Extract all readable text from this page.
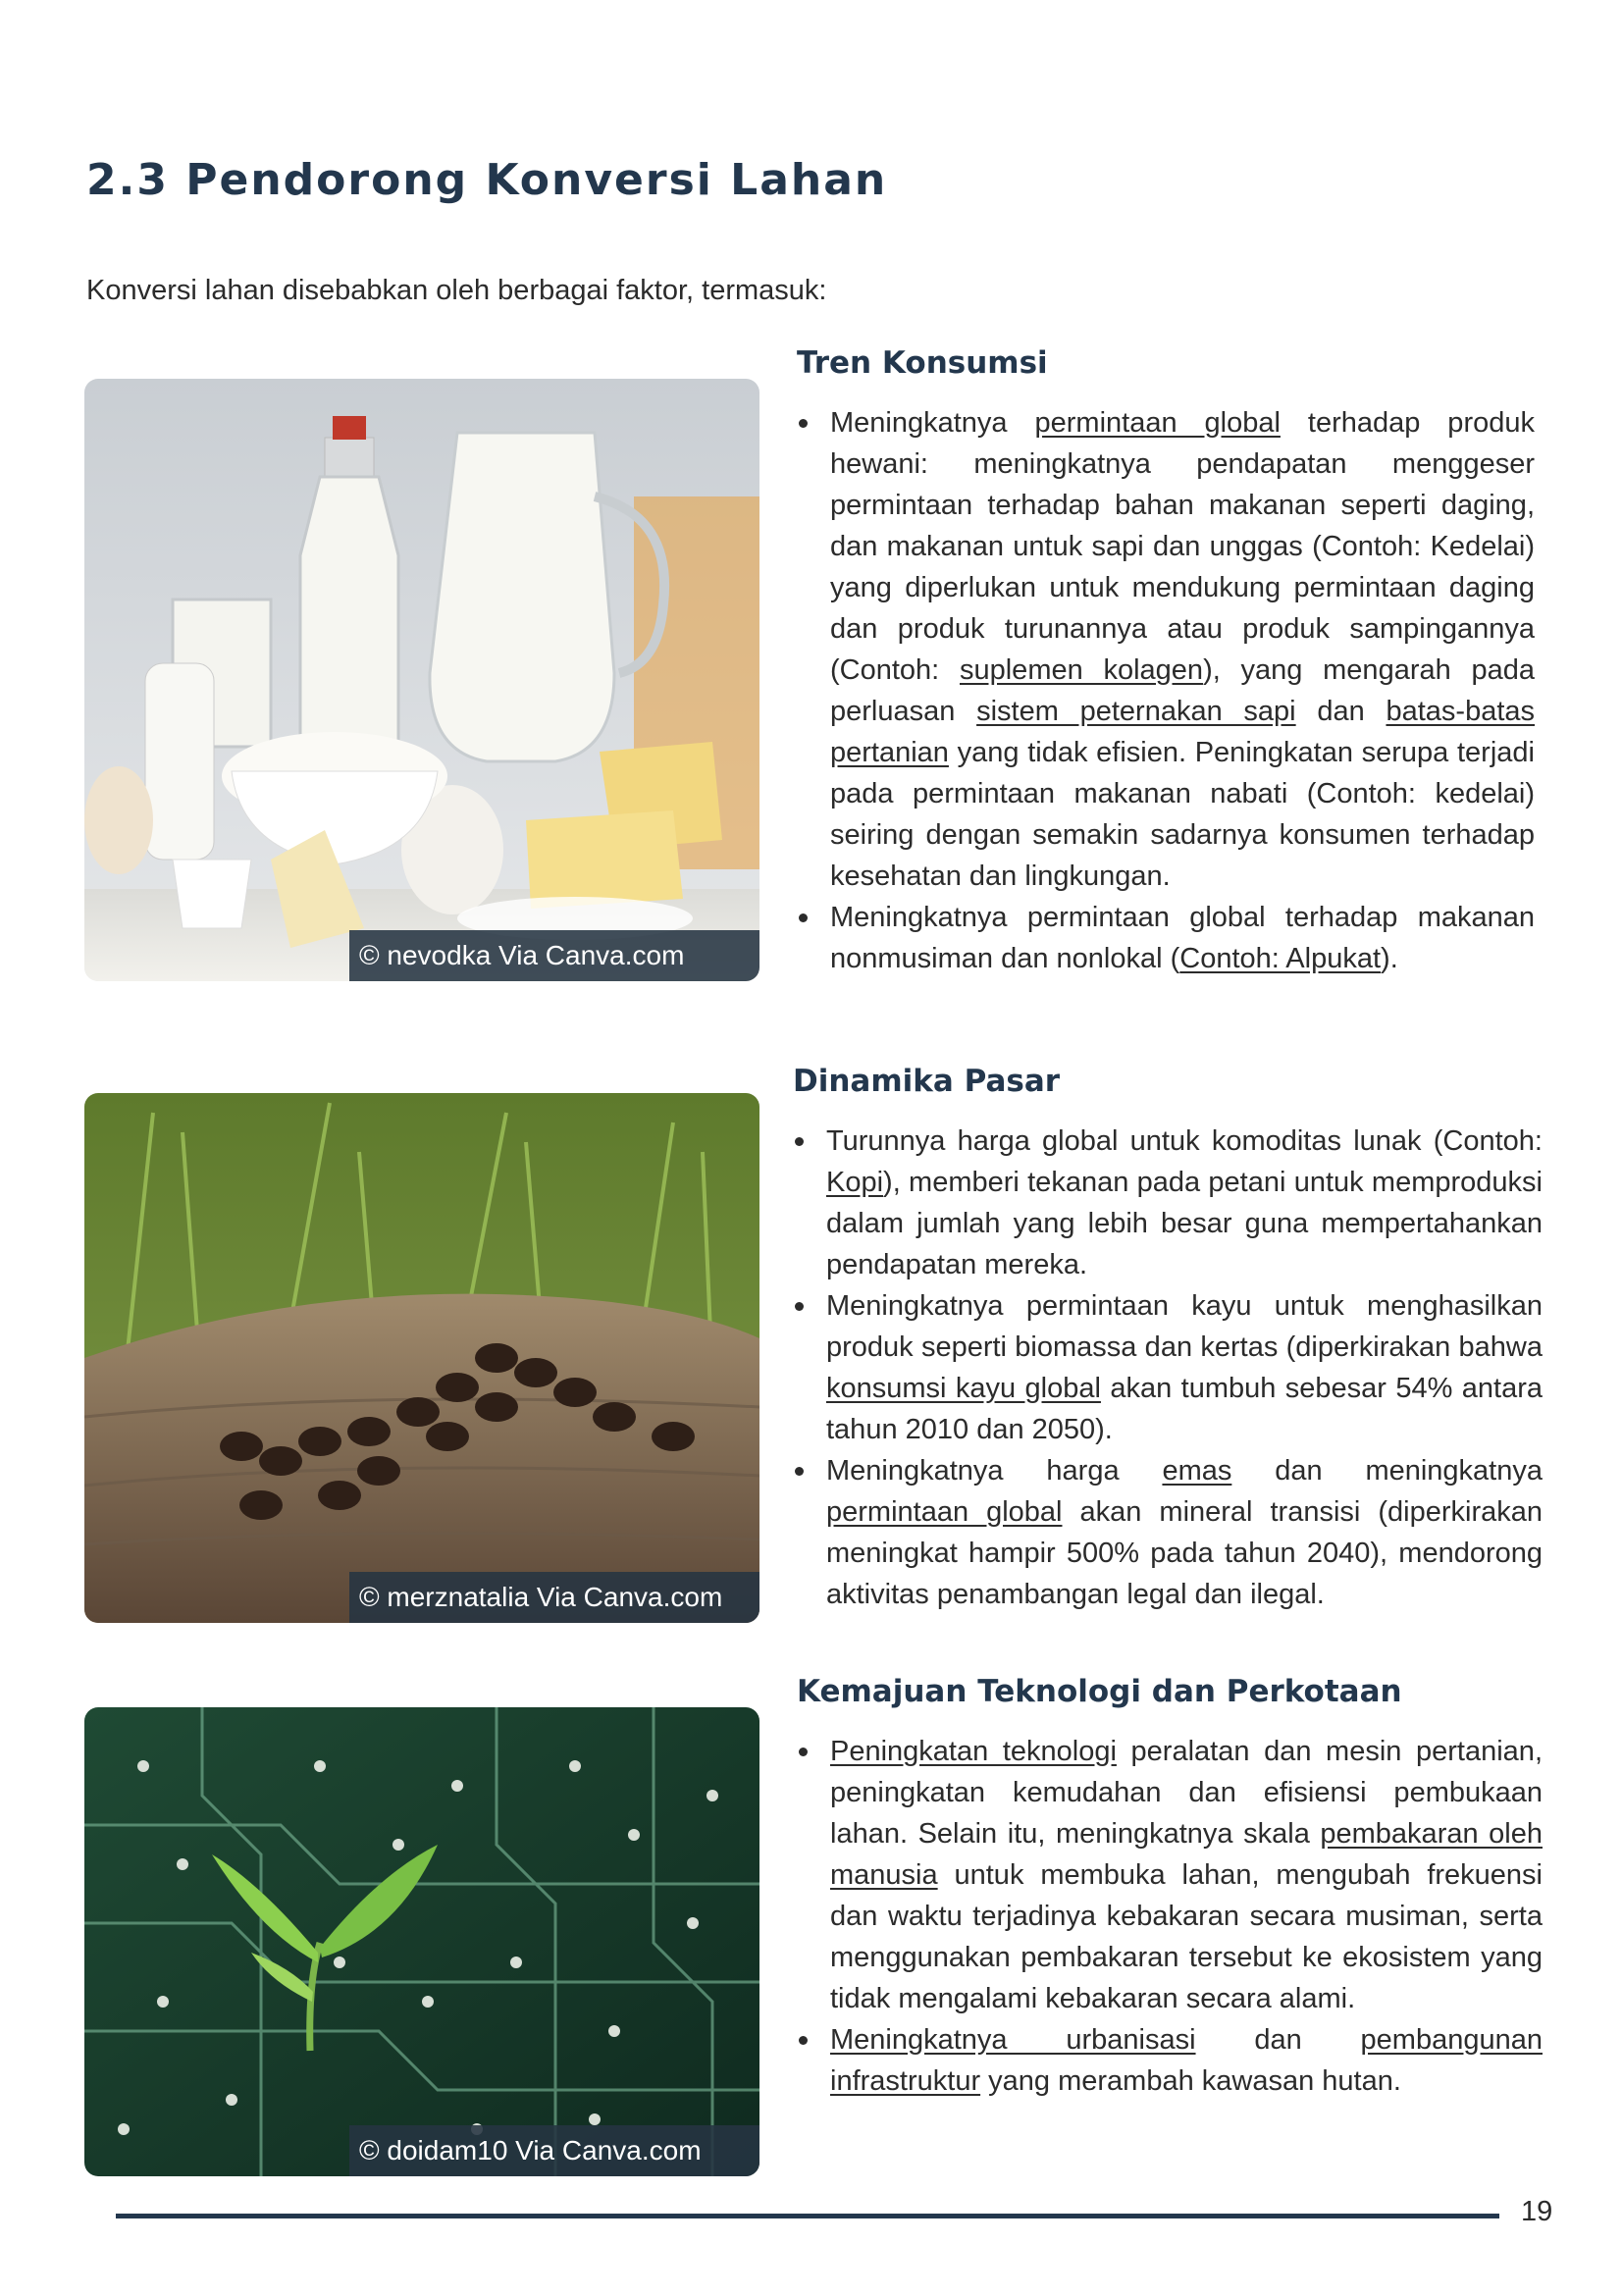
2.3 Pendorong Konversi Lahan

Konversi lahan disebabkan oleh berbagai faktor, termasuk:

© nevodka Via Canva.com
© merznatalia Via Canva.com
© doidam10 Via Canva.com
Tren Konsumsi
Meningkatnya permintaan global terhadap produk hewani: meningkatnya pendapatan menggeser permintaan terhadap bahan makanan seperti daging, dan makanan untuk sapi dan unggas (Contoh: Kedelai) yang diperlukan untuk mendukung permintaan daging dan produk turunannya atau produk sampingannya (Contoh: suplemen kolagen), yang mengarah pada perluasan sistem peternakan sapi dan batas-batas pertanian yang tidak efisien. Peningkatan serupa terjadi pada permintaan makanan nabati (Contoh: kedelai) seiring dengan semakin sadarnya konsumen terhadap kesehatan dan lingkungan.
Meningkatnya permintaan global terhadap makanan nonmusiman dan nonlokal (Contoh: Alpukat).
Dinamika Pasar
Turunnya harga global untuk komoditas lunak (Contoh: Kopi), memberi tekanan pada petani untuk memproduksi dalam jumlah yang lebih besar guna mempertahankan pendapatan mereka.
Meningkatnya permintaan kayu untuk menghasilkan produk seperti biomassa dan kertas (diperkirakan bahwa konsumsi kayu global akan tumbuh sebesar 54% antara tahun 2010 dan 2050).
Meningkatnya harga emas dan meningkatnya permintaan global akan mineral transisi (diperkirakan meningkat hampir 500% pada tahun 2040), mendorong aktivitas penambangan legal dan ilegal.
Kemajuan Teknologi dan Perkotaan
Peningkatan teknologi peralatan dan mesin pertanian, peningkatan kemudahan dan efisiensi pembukaan lahan. Selain itu, meningkatnya skala pembakaran oleh manusia untuk membuka lahan, mengubah frekuensi dan waktu terjadinya kebakaran secara musiman, serta menggunakan pembakaran tersebut ke ekosistem yang tidak mengalami kebakaran secara alami.
Meningkatnya urbanisasi dan pembangunan infrastruktur yang merambah kawasan hutan.
19
